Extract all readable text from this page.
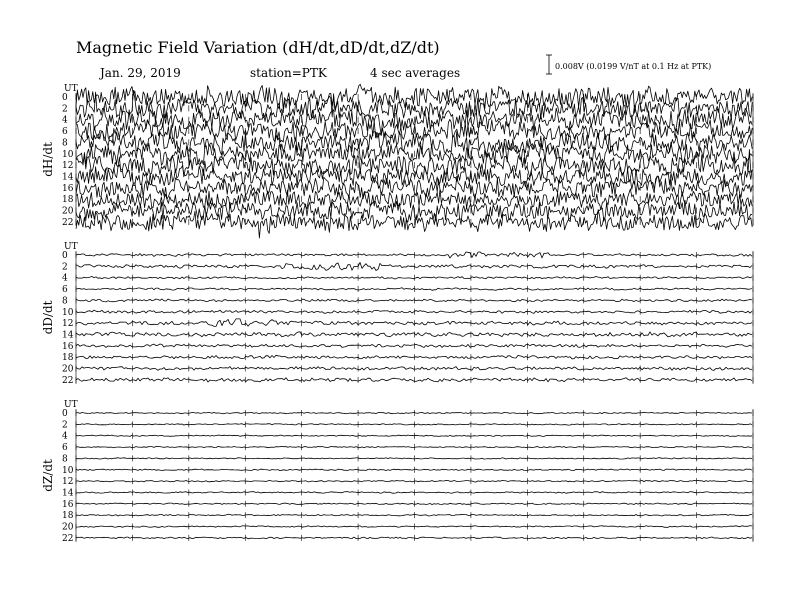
Magnetic Field Variation (dH/dt,dD/dt,dZ/dt)
Jan. 29, 2019	station=PTK	4 sec averages	0.008V (0.0199 V/nT at 0.1 Hz at PTK)
UT
dH/dt
0
2
4
6
8
10
12
14
16
18
20
22
UT
dD/dt
0
2
4
6
8
10
12
14
16
18
20
22
UT
dZ/dt
0
2
4
6
8
10
12
14
16
18
20
22
